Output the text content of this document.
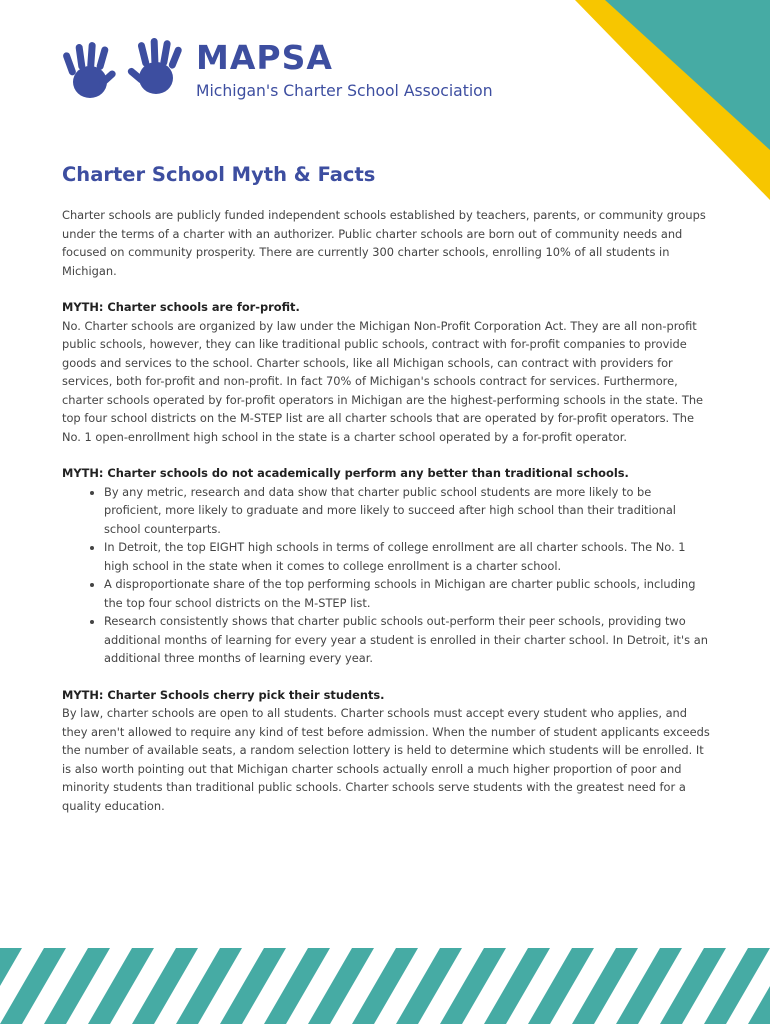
MAPSA
Michigan's Charter School Association
Charter School Myth & Facts

Charter schools are publicly funded independent schools established by teachers, parents, or community groups under the terms of a charter with an authorizer. Public charter schools are born out of community needs and focused on community prosperity. There are currently 300 charter schools, enrolling 10% of all students in Michigan.

MYTH: Charter schools are for-profit.

No. Charter schools are organized by law under the Michigan Non-Profit Corporation Act. They are all non-profit public schools, however, they can like traditional public schools, contract with for-profit companies to provide goods and services to the school. Charter schools, like all Michigan schools, can contract with providers for services, both for-profit and non-profit. In fact 70% of Michigan's schools contract for services. Furthermore, charter schools operated by for-profit operators in Michigan are the highest-performing schools in the state. The top four school districts on the M-STEP list are all charter schools that are operated by for-profit operators. The No. 1 open-enrollment high school in the state is a charter school operated by a for-profit operator.

MYTH: Charter schools do not academically perform any better than traditional schools.
• By any metric, research and data show that charter public school students are more likely to be proficient, more likely to graduate and more likely to succeed after high school than their traditional school counterparts.
• In Detroit, the top EIGHT high schools in terms of college enrollment are all charter schools. The No. 1 high school in the state when it comes to college enrollment is a charter school.
• A disproportionate share of the top performing schools in Michigan are charter public schools, including the top four school districts on the M-STEP list.
• Research consistently shows that charter public schools out-perform their peer schools, providing two additional months of learning for every year a student is enrolled in their charter school. In Detroit, it's an additional three months of learning every year.
MYTH: Charter Schools cherry pick their students.

By law, charter schools are open to all students. Charter schools must accept every student who applies, and they aren't allowed to require any kind of test before admission. When the number of student applicants exceeds the number of available seats, a random selection lottery is held to determine which students will be enrolled. It is also worth pointing out that Michigan charter schools actually enroll a much higher proportion of poor and minority students than traditional public schools. Charter schools serve students with the greatest need for a quality education.
